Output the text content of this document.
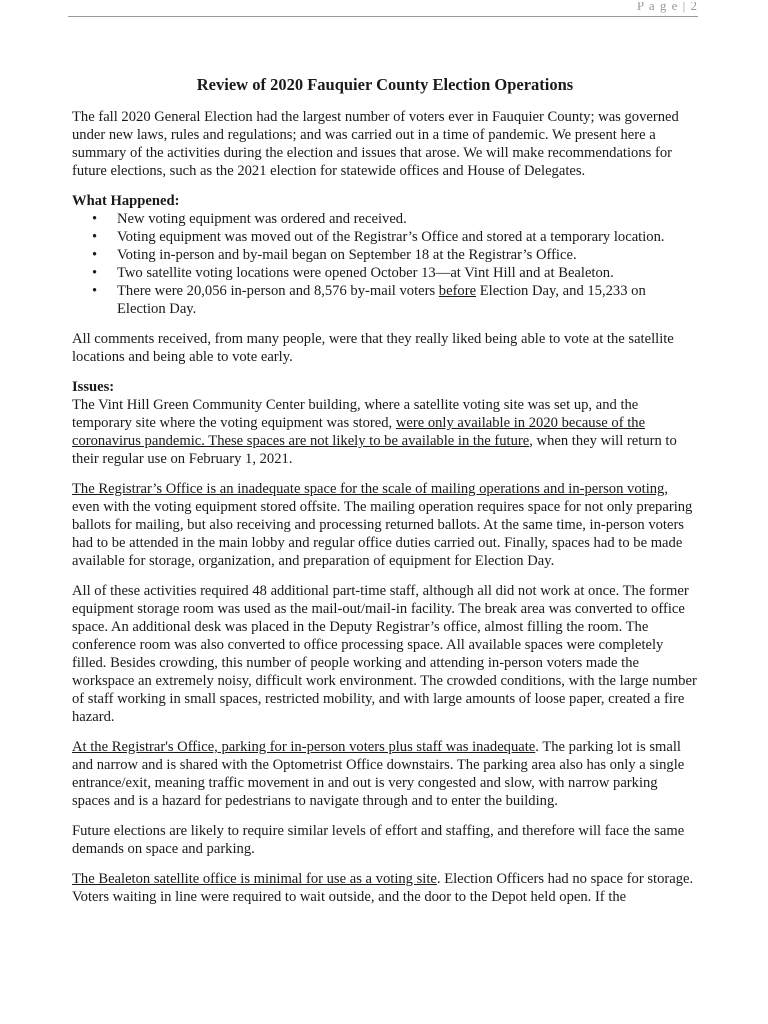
P a g e | 2
Review of 2020 Fauquier County Election Operations

The fall 2020 General Election had the largest number of voters ever in Fauquier County; was governed under new laws, rules and regulations; and was carried out in a time of pandemic. We present here a summary of the activities during the election and issues that arose. We will make recommendations for future elections, such as the 2021 election for statewide offices and House of Delegates.

What Happened:
• New voting equipment was ordered and received.
• Voting equipment was moved out of the Registrar’s Office and stored at a temporary location.
• Voting in-person and by-mail began on September 18 at the Registrar’s Office.
• Two satellite voting locations were opened October 13—at Vint Hill and at Bealeton.
• There were 20,056 in-person and 8,576 by-mail voters before Election Day, and 15,233 on Election Day.

All comments received, from many people, were that they really liked being able to vote at the satellite locations and being able to vote early.

Issues:

The Vint Hill Green Community Center building, where a satellite voting site was set up, and the temporary site where the voting equipment was stored, were only available in 2020 because of the coronavirus pandemic. These spaces are not likely to be available in the future, when they will return to their regular use on February 1, 2021.

The Registrar’s Office is an inadequate space for the scale of mailing operations and in-person voting, even with the voting equipment stored offsite. The mailing operation requires space for not only preparing ballots for mailing, but also receiving and processing returned ballots. At the same time, in-person voters had to be attended in the main lobby and regular office duties carried out. Finally, spaces had to be made available for storage, organization, and preparation of equipment for Election Day.

All of these activities required 48 additional part-time staff, although all did not work at once. The former equipment storage room was used as the mail-out/mail-in facility. The break area was converted to office space. An additional desk was placed in the Deputy Registrar’s office, almost filling the room. The conference room was also converted to office processing space. All available spaces were completely filled. Besides crowding, this number of people working and attending in-person voters made the workspace an extremely noisy, difficult work environment. The crowded conditions, with the large number of staff working in small spaces, restricted mobility, and with large amounts of loose paper, created a fire hazard.

At the Registrar's Office, parking for in-person voters plus staff was inadequate. The parking lot is small and narrow and is shared with the Optometrist Office downstairs. The parking area also has only a single entrance/exit, meaning traffic movement in and out is very congested and slow, with narrow parking spaces and is a hazard for pedestrians to navigate through and to enter the building.

Future elections are likely to require similar levels of effort and staffing, and therefore will face the same demands on space and parking.

The Bealeton satellite office is minimal for use as a voting site. Election Officers had no space for storage. Voters waiting in line were required to wait outside, and the door to the Depot held open. If the
